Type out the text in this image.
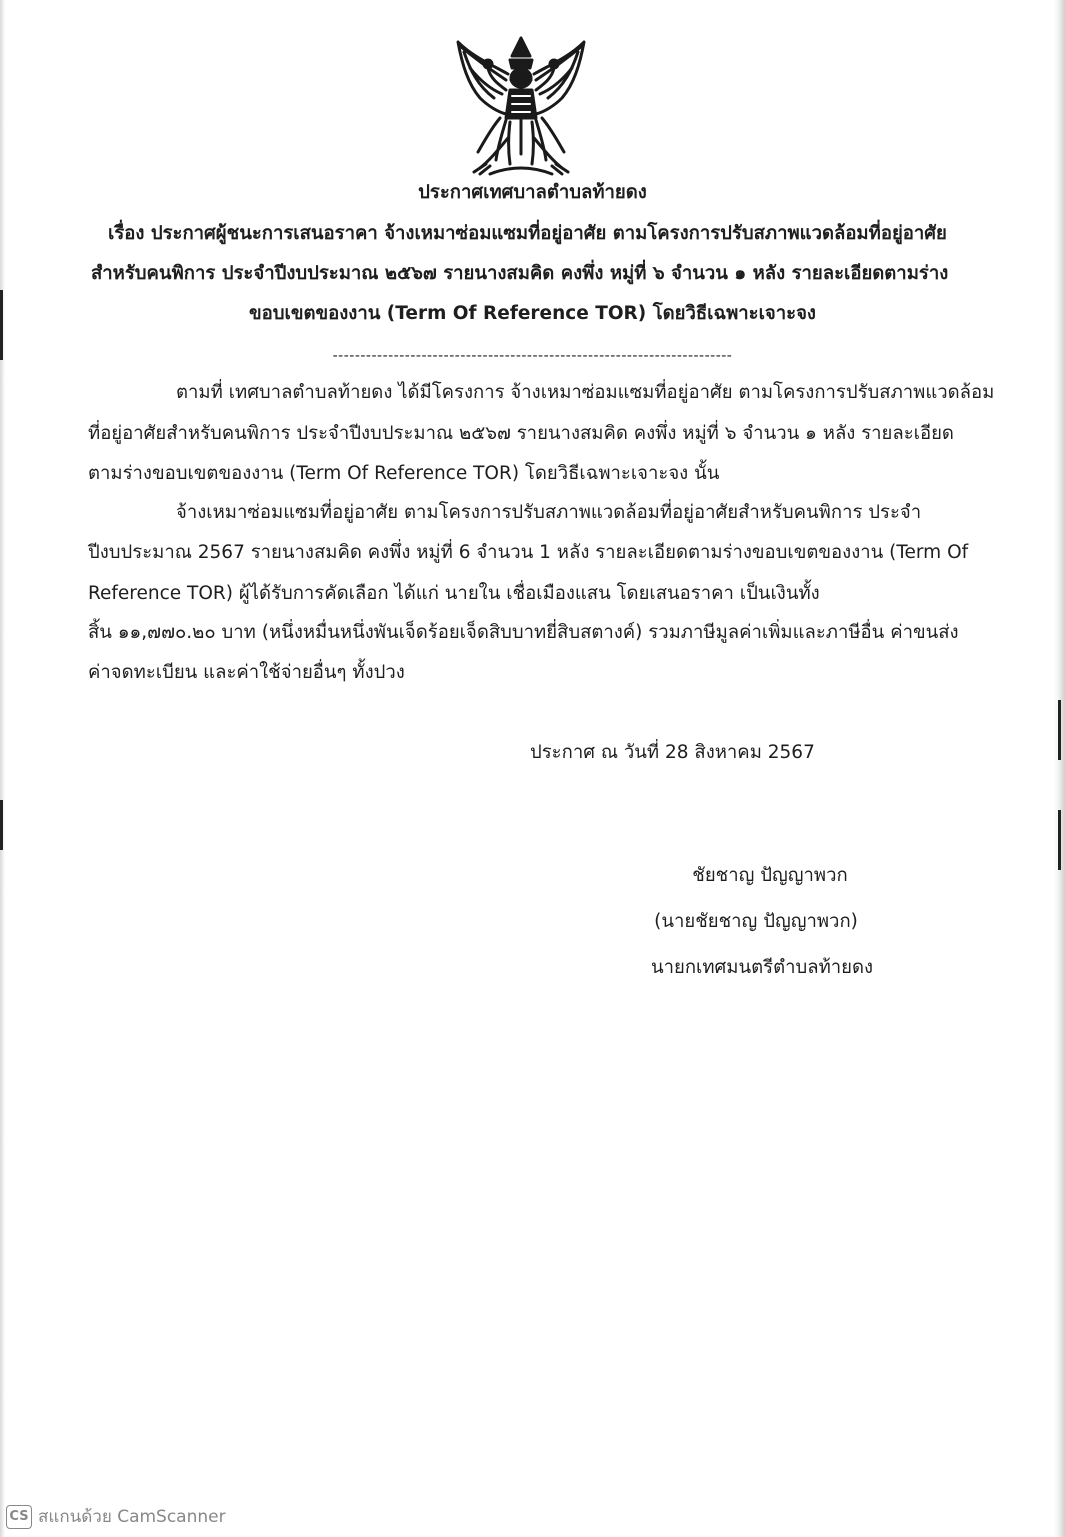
ประกาศเทศบาลตำบลท้ายดง
เรื่อง ประกาศผู้ชนะการเสนอราคา จ้างเหมาซ่อมแซมที่อยู่อาศัย ตามโครงการปรับสภาพแวดล้อมที่อยู่อาศัย
สำหรับคนพิการ ประจำปีงบประมาณ ๒๕๖๗ รายนางสมคิด คงพึ่ง หมู่ที่ ๖ จำนวน ๑ หลัง รายละเอียดตามร่าง
ขอบเขตของงาน (Term Of Reference TOR) โดยวิธีเฉพาะเจาะจง
------------------------------------------------------------------------
ตามที่ เทศบาลตำบลท้ายดง ได้มีโครงการ จ้างเหมาซ่อมแซมที่อยู่อาศัย ตามโครงการปรับสภาพแวดล้อม
ที่อยู่อาศัยสำหรับคนพิการ ประจำปีงบประมาณ ๒๕๖๗ รายนางสมคิด คงพึ่ง หมู่ที่ ๖ จำนวน ๑ หลัง รายละเอียด
ตามร่างขอบเขตของงาน (Term Of Reference TOR) โดยวิธีเฉพาะเจาะจง นั้น
จ้างเหมาซ่อมแซมที่อยู่อาศัย ตามโครงการปรับสภาพแวดล้อมที่อยู่อาศัยสำหรับคนพิการ ประจำ
ปีงบประมาณ 2567 รายนางสมคิด คงพึ่ง หมู่ที่ 6 จำนวน 1 หลัง รายละเอียดตามร่างขอบเขตของงาน (Term Of
Reference TOR) ผู้ได้รับการคัดเลือก ได้แก่ นายใน เชื่อเมืองแสน โดยเสนอราคา เป็นเงินทั้ง
สิ้น ๑๑,๗๗๐.๒๐ บาท (หนึ่งหมื่นหนึ่งพันเจ็ดร้อยเจ็ดสิบบาทยี่สิบสตางค์) รวมภาษีมูลค่าเพิ่มและภาษีอื่น ค่าขนส่ง
ค่าจดทะเบียน และค่าใช้จ่ายอื่นๆ ทั้งปวง
ประกาศ ณ วันที่ 28 สิงหาคม 2567
ชัยชาญ ปัญญาพวก
(นายชัยชาญ ปัญญาพวก)
นายกเทศมนตรีตำบลท้ายดง
CS สแกนด้วย CamScanner
